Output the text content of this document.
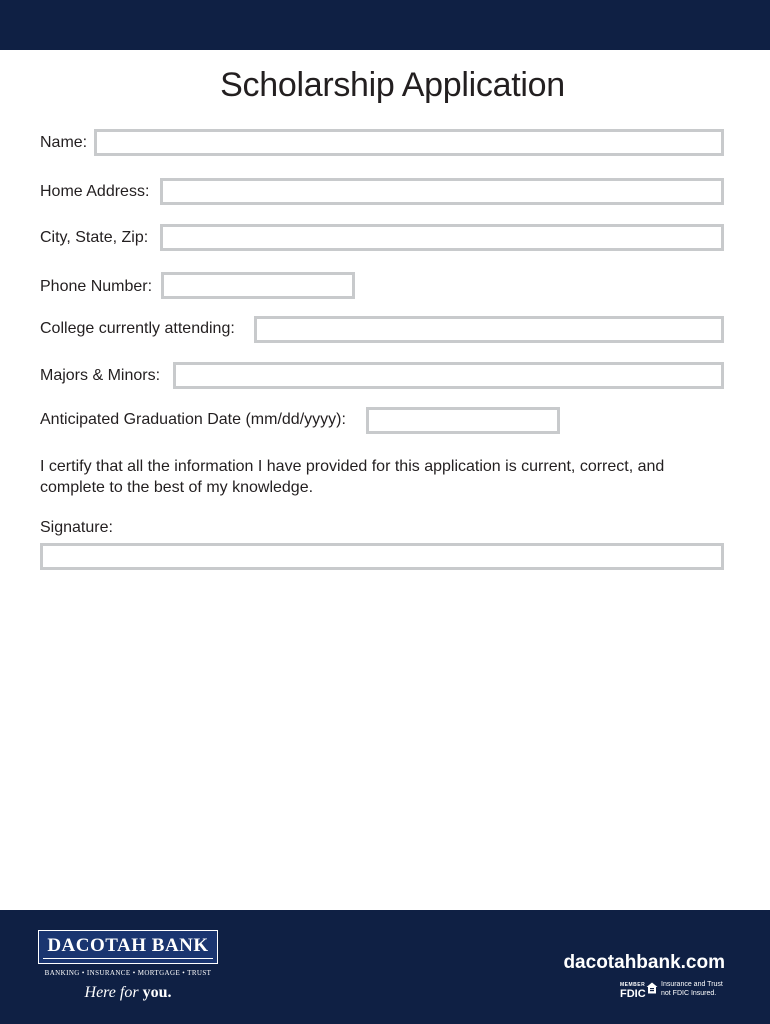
Scholarship Application
Name:
Home Address:
City, State, Zip:
Phone Number:
College currently attending:
Majors & Minors:
Anticipated Graduation Date (mm/dd/yyyy):
I certify that all the information I have provided for this application is current, correct, and complete to the best of my knowledge.
Signature:
DACOTAH BANK
BANKING • INSURANCE • MORTGAGE • TRUST
Here for you.
dacotahbank.com
MEMBER
FDIC
Insurance and Trust
not FDIC Insured.
